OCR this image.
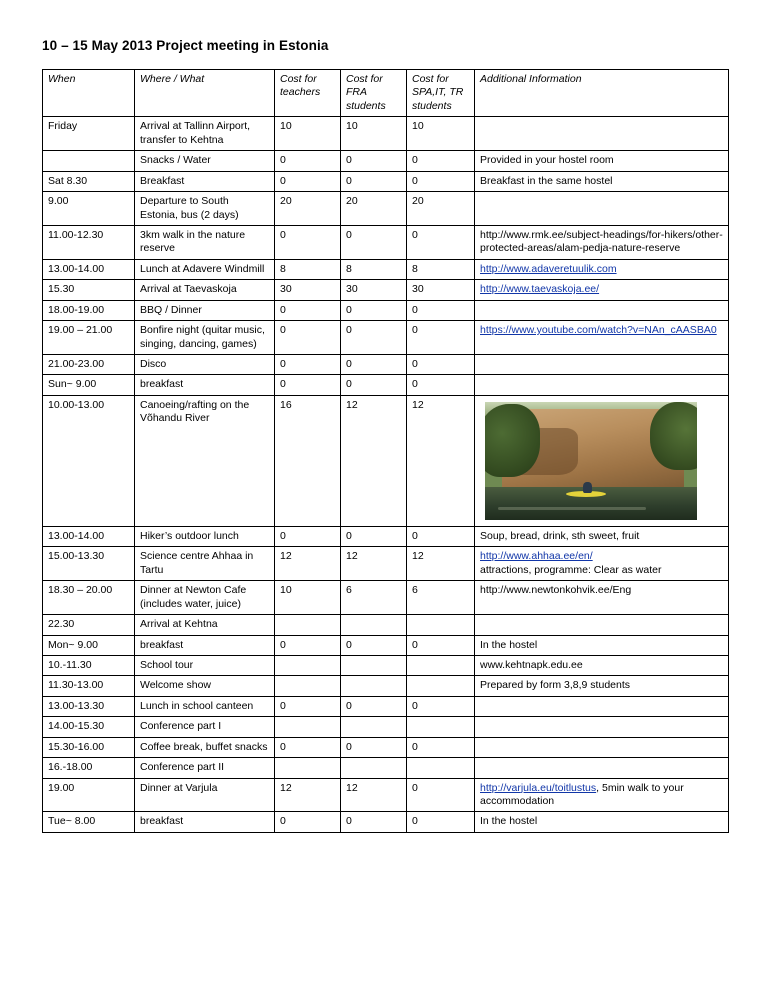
10 – 15 May 2013 Project meeting in Estonia
When	Where / What	Cost for teachers	Cost for FRA students	Cost for SPA,IT, TR students	Additional Information
Friday	Arrival at Tallinn Airport, transfer to Kehtna	10	10	10	
	Snacks / Water	0	0	0	Provided in your hostel room
Sat 8.30	Breakfast	0	0	0	Breakfast in the same hostel
9.00	Departure to South Estonia, bus (2 days)	20	20	20	
11.00-12.30	3km walk in the nature reserve	0	0	0	http://www.rmk.ee/subject-headings/for-hikers/other-protected-areas/alam-pedja-nature-reserve
13.00-14.00	Lunch at Adavere Windmill	8	8	8	http://www.adaveretuulik.com
15.30	Arrival at Taevaskoja	30	30	30	http://www.taevaskoja.ee/
18.00-19.00	BBQ / Dinner	0	0	0	
19.00 – 21.00	Bonfire night (quitar music, singing, dancing, games)	0	0	0	https://www.youtube.com/watch?v=NAn_cAASBA0
21.00-23.00	Disco	0	0	0	
Sun~ 9.00	breakfast	0	0	0	
10.00-13.00	Canoeing/rafting on the Võhandu River	16	12	12	

13.00-14.00	Hiker’s outdoor lunch	0	0	0	Soup, bread, drink, sth sweet, fruit
15.00-13.30	Science centre Ahhaa in Tartu	12	12	12	http://www.ahhaa.ee/en/
attractions, programme: Clear as water
18.30 – 20.00	Dinner at Newton Cafe (includes water, juice)	10	6	6	http://www.newtonkohvik.ee/Eng
22.30	Arrival at Kehtna				
Mon~ 9.00	breakfast	0	0	0	In the hostel
10.-11.30	School tour				www.kehtnapk.edu.ee
11.30-13.00	Welcome show				Prepared by form 3,8,9 students
13.00-13.30	Lunch in school canteen	0	0	0	
14.00-15.30	Conference part I				
15.30-16.00	Coffee break, buffet snacks	0	0	0	
16.-18.00	Conference part II				
19.00	Dinner at Varjula	12	12	0	http://varjula.eu/toitlustus, 5min walk to your accommodation
Tue~ 8.00	breakfast	0	0	0	In the hostel
